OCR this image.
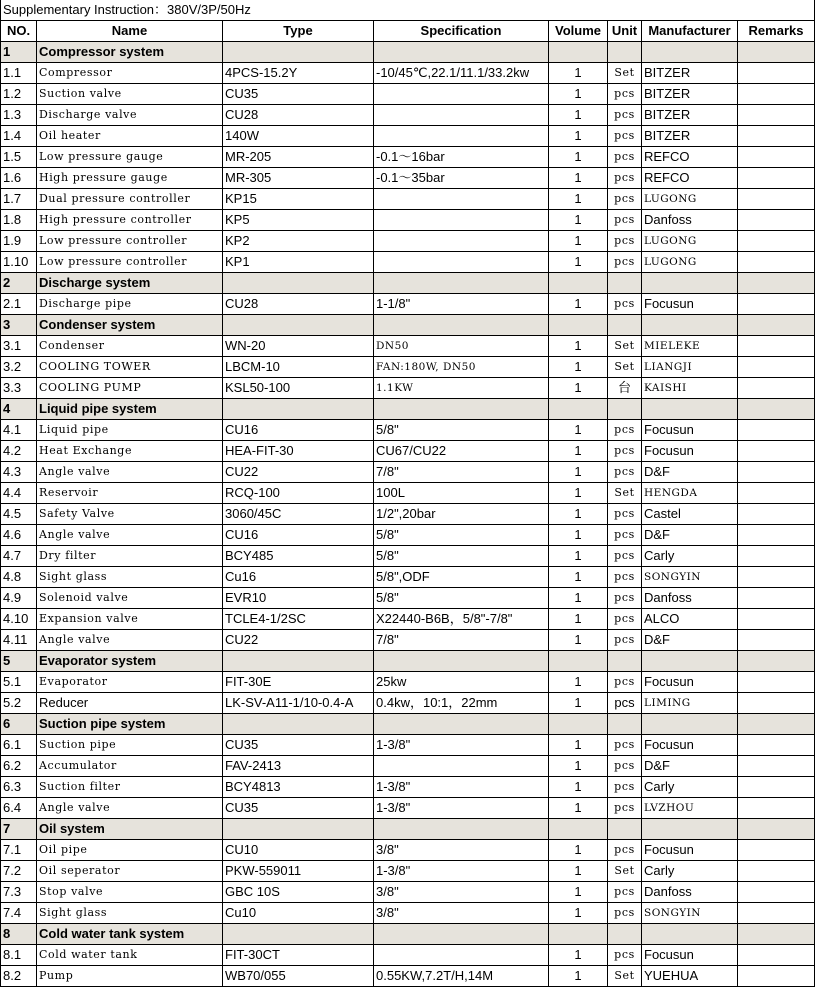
Supplementary Instruction：380V/3P/50Hz							
NO.	Name	Type	Specification	Volume	Unit	Manufacturer	Remarks
1	Compressor system						
1.1	Compressor	4PCS-15.2Y	-10/45℃,22.1/11.1/33.2kw	1	Set	BITZER	
1.2	Suction valve	CU35		1	pcs	BITZER	
1.3	Discharge valve	CU28		1	pcs	BITZER	
1.4	Oil heater	140W		1	pcs	BITZER	
1.5	Low pressure gauge	MR-205	-0.1～16bar	1	pcs	REFCO	
1.6	High pressure gauge	MR-305	-0.1～35bar	1	pcs	REFCO	
1.7	Dual pressure controller	KP15		1	pcs	LUGONG	
1.8	High pressure controller	KP5		1	pcs	Danfoss	
1.9	Low pressure controller	KP2		1	pcs	LUGONG	
1.10	Low pressure controller	KP1		1	pcs	LUGONG	
2	Discharge system						
2.1	Discharge pipe	CU28	1-1/8"	1	pcs	Focusun	
3	Condenser system						
3.1	Condenser	WN-20	DN50	1	Set	MIELEKE	
3.2	COOLING TOWER	LBCM-10	FAN:180W, DN50	1	Set	LIANGJI	
3.3	COOLING PUMP	KSL50-100	1.1KW	1	台	KAISHI	
4	Liquid pipe system						
4.1	Liquid pipe	CU16	5/8"	1	pcs	Focusun	
4.2	Heat Exchange	HEA-FIT-30	CU67/CU22	1	pcs	Focusun	
4.3	Angle valve	CU22	7/8"	1	pcs	D&F	
4.4	Reservoir	RCQ-100	100L	1	Set	HENGDA	
4.5	Safety Valve	3060/45C	1/2",20bar	1	pcs	Castel	
4.6	Angle valve	CU16	5/8"	1	pcs	D&F	
4.7	Dry filter	BCY485	5/8"	1	pcs	Carly	
4.8	Sight glass	Cu16	5/8",ODF	1	pcs	SONGYIN	
4.9	Solenoid valve	EVR10	5/8"	1	pcs	Danfoss	
4.10	Expansion valve	TCLE4-1/2SC	X22440-B6B，5/8"-7/8"	1	pcs	ALCO	
4.11	Angle valve	CU22	7/8"	1	pcs	D&F	
5	Evaporator system						
5.1	Evaporator	FIT-30E	25kw	1	pcs	Focusun	
5.2	Reducer	LK-SV-A11-1/10-0.4-A	0.4kw，10:1，22mm	1	pcs	LIMING	
6	Suction pipe system						
6.1	Suction pipe	CU35	1-3/8"	1	pcs	Focusun	
6.2	Accumulator	FAV-2413		1	pcs	D&F	
6.3	Suction filter	BCY4813	1-3/8"	1	pcs	Carly	
6.4	Angle valve	CU35	1-3/8"	1	pcs	LVZHOU	
7	Oil system						
7.1	Oil pipe	CU10	3/8"	1	pcs	Focusun	
7.2	Oil seperator	PKW-559011	1-3/8"	1	Set	Carly	
7.3	Stop valve	GBC 10S	3/8"	1	pcs	Danfoss	
7.4	Sight glass	Cu10	3/8"	1	pcs	SONGYIN	
8	Cold water tank system						
8.1	Cold water tank	FIT-30CT		1	pcs	Focusun	
8.2	Pump	WB70/055	0.55KW,7.2T/H,14M	1	Set	YUEHUA	
